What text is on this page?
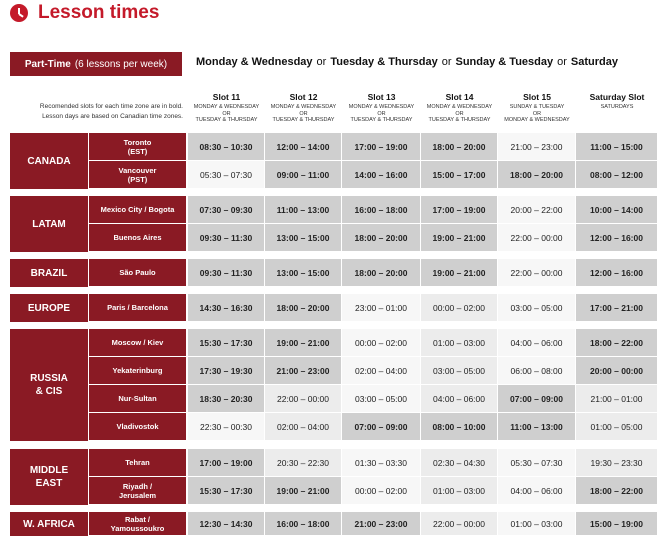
Lesson times
Part-Time (6 lessons per week)	Monday & Wednesday or Tuesday & Thursday or Sunday & Tuesday or Saturday
Recomended slots for each time zone are in bold.
Lesson days are based on Canadian time zones.
Slot 11
MONDAY & WEDNESDAY
OR
TUESDAY & THURSDAY
Slot 12
MONDAY & WEDNESDAY
OR
TUESDAY & THURSDAY
Slot 13
MONDAY & WEDNESDAY
OR
TUESDAY & THURSDAY
Slot 14
MONDAY & WEDNESDAY
OR
TUESDAY & THURSDAY
Slot 15
SUNDAY & TUESDAY
OR
MONDAY & WEDNESDAY
Saturday Slot
SATURDAYS
CANADA
Toronto
(EST)	08:30 – 10:30	12:00 – 14:00	17:00 – 19:00	18:00 – 20:00	21:00 – 23:00	11:00 – 15:00
Vancouver
(PST)	05:30 – 07:30	09:00 – 11:00	14:00 – 16:00	15:00 – 17:00	18:00 – 20:00	08:00 – 12:00
LATAM
Mexico City / Bogota	07:30 – 09:30	11:00 – 13:00	16:00 – 18:00	17:00 – 19:00	20:00 – 22:00	10:00 – 14:00
Buenos Aires	09:30 – 11:30	13:00 – 15:00	18:00 – 20:00	19:00 – 21:00	22:00 – 00:00	12:00 – 16:00
BRAZIL	São Paulo	09:30 – 11:30	13:00 – 15:00	18:00 – 20:00	19:00 – 21:00	22:00 – 00:00	12:00 – 16:00
EUROPE	Paris / Barcelona	14:30 – 16:30	18:00 – 20:00	23:00 – 01:00	00:00 – 02:00	03:00 – 05:00	17:00 – 21:00
RUSSIA
& CIS
Moscow / Kiev	15:30 – 17:30	19:00 – 21:00	00:00 – 02:00	01:00 – 03:00	04:00 – 06:00	18:00 – 22:00
Yekaterinburg	17:30 – 19:30	21:00 – 23:00	02:00 – 04:00	03:00 – 05:00	06:00 – 08:00	20:00 – 00:00
Nur-Sultan	18:30 – 20:30	22:00 – 00:00	03:00 – 05:00	04:00 – 06:00	07:00 – 09:00	21:00 – 01:00
Vladivostok	22:30 – 00:30	02:00 – 04:00	07:00 – 09:00	08:00 – 10:00	11:00 – 13:00	01:00 – 05:00
MIDDLE
EAST
Tehran	17:00 – 19:00	20:30 – 22:30	01:30 – 03:30	02:30 – 04:30	05:30 – 07:30	19:30 – 23:30
Riyadh /
Jerusalem	15:30 – 17:30	19:00 – 21:00	00:00 – 02:00	01:00 – 03:00	04:00 – 06:00	18:00 – 22:00
W. AFRICA	Rabat /
Yamoussoukro	12:30 – 14:30	16:00 – 18:00	21:00 – 23:00	22:00 – 00:00	01:00 – 03:00	15:00 – 19:00
